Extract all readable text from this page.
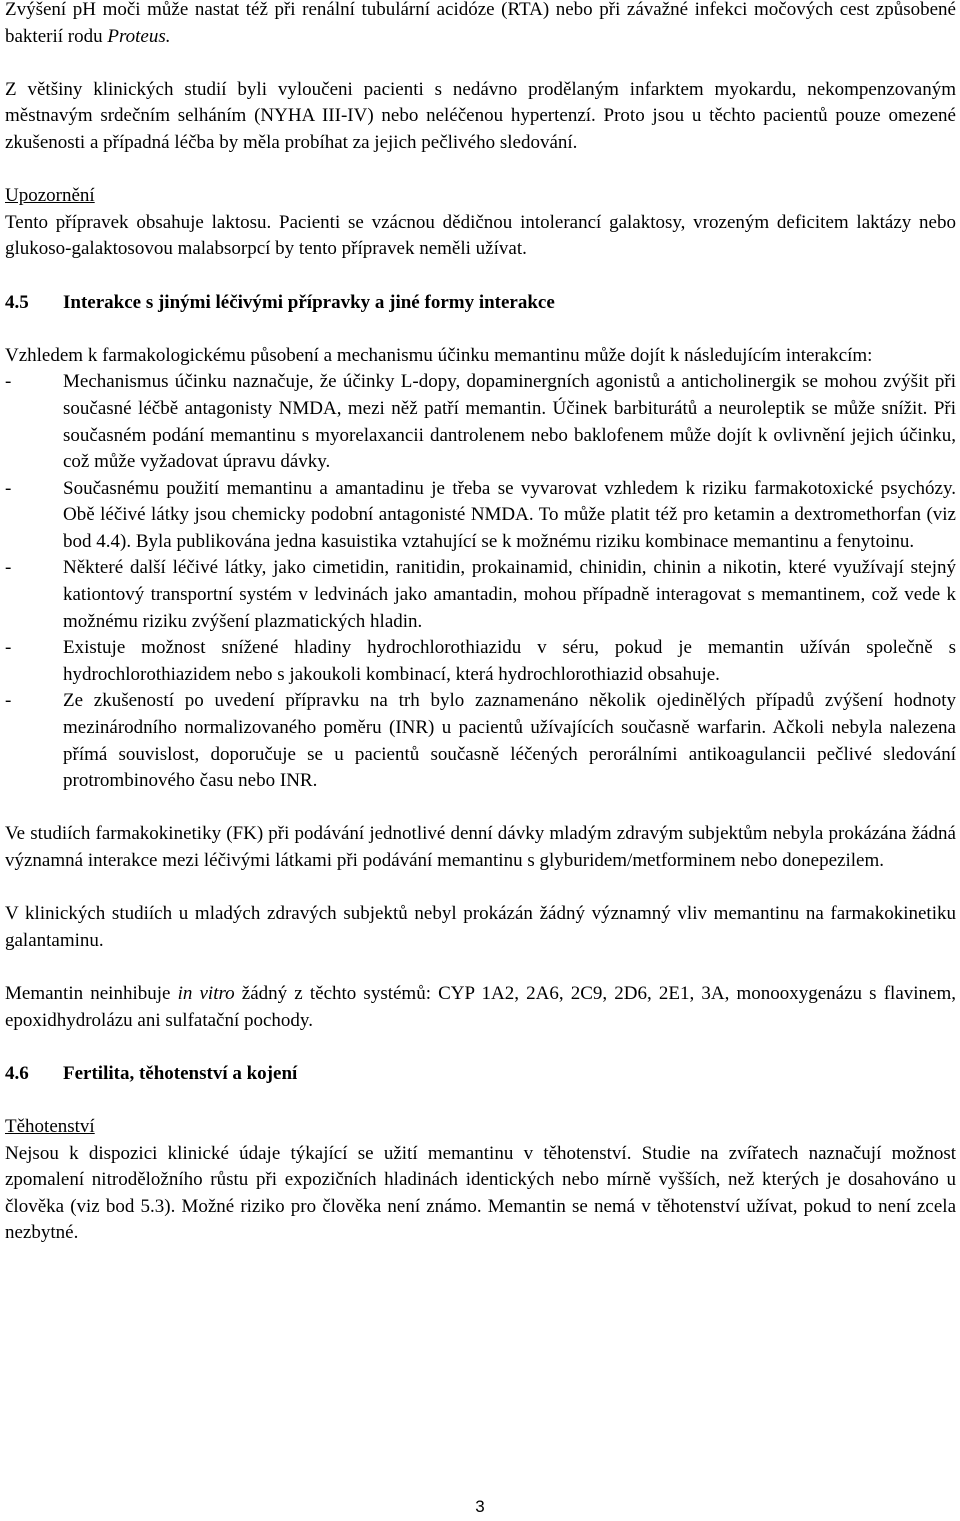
Zvýšení pH moči může nastat též při renální tubulární acidóze (RTA) nebo při závažné infekci močových cest způsobené bakterií rodu Proteus.

Z většiny klinických studií byli vyloučeni pacienti s nedávno prodělaným infarktem myokardu, nekompenzovaným městnavým srdečním selháním (NYHA III-IV) nebo neléčenou hypertenzí. Proto jsou u těchto pacientů pouze omezené zkušenosti a případná léčba by měla probíhat za jejich pečlivého sledování.

Upozornění

Tento přípravek obsahuje laktosu. Pacienti se vzácnou dědičnou intolerancí galaktosy, vrozeným deficitem laktázy nebo glukoso-galaktosovou malabsorpcí by tento přípravek neměli užívat.

4.5 Interakce s jinými léčivými přípravky a jiné formy interakce

Vzhledem k farmakologickému působení a mechanismu účinku memantinu může dojít k následujícím interakcím:

-	Mechanismus účinku naznačuje, že účinky L-dopy, dopaminergních agonistů a anticholinergik se mohou zvýšit při současné léčbě antagonisty NMDA, mezi něž patří memantin. Účinek barbiturátů a neuroleptik se může snížit. Při současném podání memantinu s myorelaxancii dantrolenem nebo baklofenem může dojít k ovlivnění jejich účinku, což může vyžadovat úpravu dávky.
-	Současnému použití memantinu a amantadinu je třeba se vyvarovat vzhledem k riziku farmakotoxické psychózy. Obě léčivé látky jsou chemicky podobní antagonisté NMDA. To může platit též pro ketamin a dextromethorfan (viz bod 4.4). Byla publikována jedna kasuistika vztahující se k možnému riziku kombinace memantinu a fenytoinu.
-	Některé další léčivé látky, jako cimetidin, ranitidin, prokainamid, chinidin, chinin a nikotin, které využívají stejný kationtový transportní systém v ledvinách jako amantadin, mohou případně interagovat s memantinem, což vede k možnému riziku zvýšení plazmatických hladin.
-	Existuje možnost snížené hladiny hydrochlorothiazidu v séru, pokud je memantin užíván společně s hydrochlorothiazidem nebo s jakoukoli kombinací, která hydrochlorothiazid obsahuje.
-	Ze zkušeností po uvedení přípravku na trh bylo zaznamenáno několik ojedinělých případů zvýšení hodnoty mezinárodního normalizovaného poměru (INR) u pacientů užívajících současně warfarin. Ačkoli nebyla nalezena přímá souvislost, doporučuje se u pacientů současně léčených perorálními antikoagulancii pečlivé sledování protrombinového času nebo INR.

Ve studiích farmakokinetiky (FK) při podávání jednotlivé denní dávky mladým zdravým subjektům nebyla prokázána žádná významná interakce mezi léčivými látkami při podávání memantinu s glyburidem/metforminem nebo donepezilem.

V klinických studiích u mladých zdravých subjektů nebyl prokázán žádný významný vliv memantinu na farmakokinetiku galantaminu.

Memantin neinhibuje in vitro žádný z těchto systémů: CYP 1A2, 2A6, 2C9, 2D6, 2E1, 3A, monooxygenázu s flavinem, epoxidhydrolázu ani sulfatační pochody.

4.6 Fertilita, těhotenství a kojení

Těhotenství

Nejsou k dispozici klinické údaje týkající se užití memantinu v těhotenství. Studie na zvířatech naznačují možnost zpomalení nitroděložního růstu při expozičních hladinách identických nebo mírně vyšších, než kterých je dosahováno u člověka (viz bod 5.3). Možné riziko pro člověka není známo. Memantin se nemá v těhotenství užívat, pokud to není zcela nezbytné.

3
